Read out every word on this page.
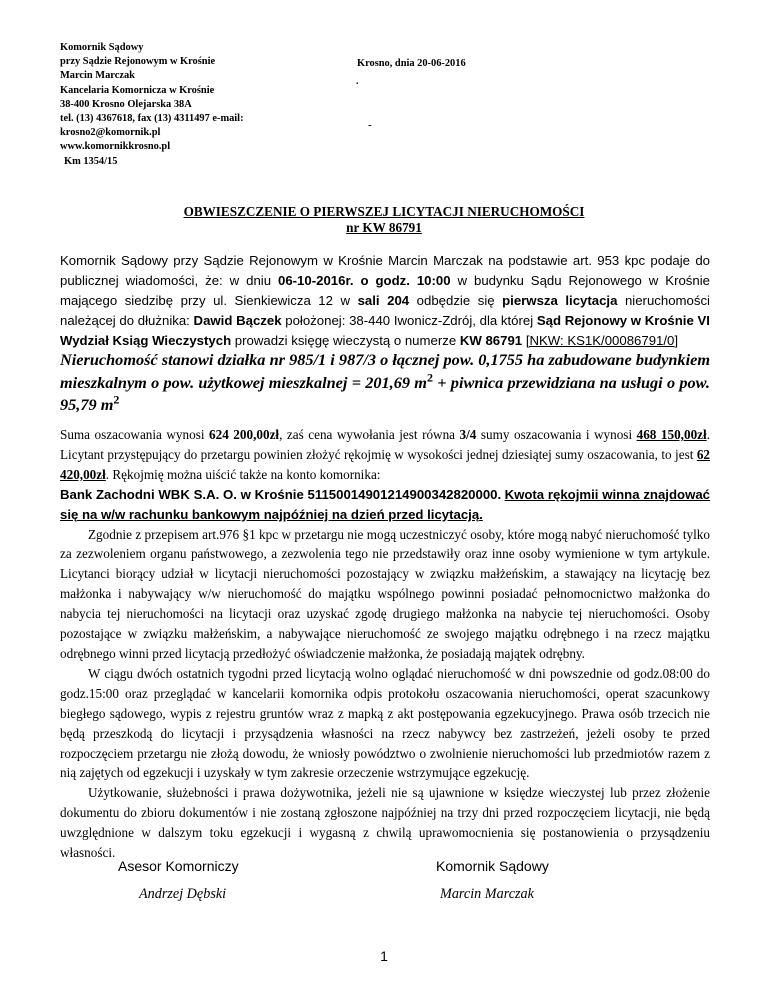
Komornik Sądowy
przy Sądzie Rejonowym w Krośnie
Marcin Marczak
Kancelaria Komornicza w Krośnie
38-400 Krosno Olejarska 38A
tel. (13) 4367618, fax (13) 4311497 e-mail:
krosno2@komornik.pl
www.komornikkrosno.pl
Km 1354/15
Krosno, dnia 20-06-2016
.
-
OBWIESZCZENIE O PIERWSZEJ LICYTACJI NIERUCHOMOŚCI
nr KW 86791
Komornik Sądowy przy Sądzie Rejonowym w Krośnie Marcin Marczak na podstawie art. 953 kpc podaje do publicznej wiadomości, że: w dniu 06-10-2016r. o godz. 10:00 w budynku Sądu Rejonowego w Krośnie mającego siedzibę przy ul. Sienkiewicza 12 w sali 204 odbędzie się pierwsza licytacja nieruchomości należącej do dłużnika: Dawid Bączek położonej: 38-440 Iwonicz-Zdrój, dla której Sąd Rejonowy w Krośnie VI Wydział Ksiąg Wieczystych prowadzi księgę wieczystą o numerze KW 86791 [NKW: KS1K/00086791/0]
Nieruchomość stanowi działka nr 985/1 i 987/3 o łącznej pow. 0,1755 ha zabudowane budynkiem mieszkalnym o pow. użytkowej mieszkalnej = 201,69 $m^2$ + piwnica przewidziana na usługi o pow. 95,79 $m^2$
Suma oszacowania wynosi 624 200,00zł, zaś cena wywołania jest równa 3/4 sumy oszacowania i wynosi 468 150,00zł. Licytant przystępujący do przetargu powinien złożyć rękojmię w wysokości jednej dziesiątej sumy oszacowania, to jest 62 420,00zł. Rękojmię można uiścić także na konto komornika:
Bank Zachodni WBK S.A. O. w Krośnie 51150014901214900342820000. Kwota rękojmii winna znajdować się na w/w rachunku bankowym najpóźniej na dzień przed licytacją.
Zgodnie z przepisem art.976 §1 kpc w przetargu nie mogą uczestniczyć osoby, które mogą nabyć nieruchomość tylko za zezwoleniem organu państwowego, a zezwolenia tego nie przedstawiły oraz inne osoby wymienione w tym artykule. Licytanci biorący udział w licytacji nieruchomości pozostający w związku małżeńskim, a stawający na licytację bez małżonka i nabywający w/w nieruchomość do majątku wspólnego powinni posiadać pełnomocnictwo małżonka do nabycia tej nieruchomości na licytacji oraz uzyskać zgodę drugiego małżonka na nabycie tej nieruchomości. Osoby pozostające w związku małżeńskim, a nabywające nieruchomość ze swojego majątku odrębnego i na rzecz majątku odrębnego winni przed licytacją przedłożyć oświadczenie małżonka, że posiadają majątek odrębny.
W ciągu dwóch ostatnich tygodni przed licytacją wolno oglądać nieruchomość w dni powszednie od godz.08:00 do godz.15:00 oraz przeglądać w kancelarii komornika odpis protokołu oszacowania nieruchomości, operat szacunkowy biegłego sądowego, wypis z rejestru gruntów wraz z mapką z akt postępowania egzekucyjnego. Prawa osób trzecich nie będą przeszkodą do licytacji i przysądzenia własności na rzecz nabywcy bez zastrzeżeń, jeżeli osoby te przed rozpoczęciem przetargu nie złożą dowodu, że wniosły powództwo o zwolnienie nieruchomości lub przedmiotów razem z nią zajętych od egzekucji i uzyskały w tym zakresie orzeczenie wstrzymujące egzekucję.
Użytkowanie, służebności i prawa dożywotnika, jeżeli nie są ujawnione w księdze wieczystej lub przez złożenie dokumentu do zbioru dokumentów i nie zostaną zgłoszone najpóźniej na trzy dni przed rozpoczęciem licytacji, nie będą uwzględnione w dalszym toku egzekucji i wygasną z chwilą uprawomocnienia się postanowienia o przysądzeniu własności.
Asesor Komorniczy
Andrzej Dębski
Komornik Sądowy
Marcin Marczak
1
